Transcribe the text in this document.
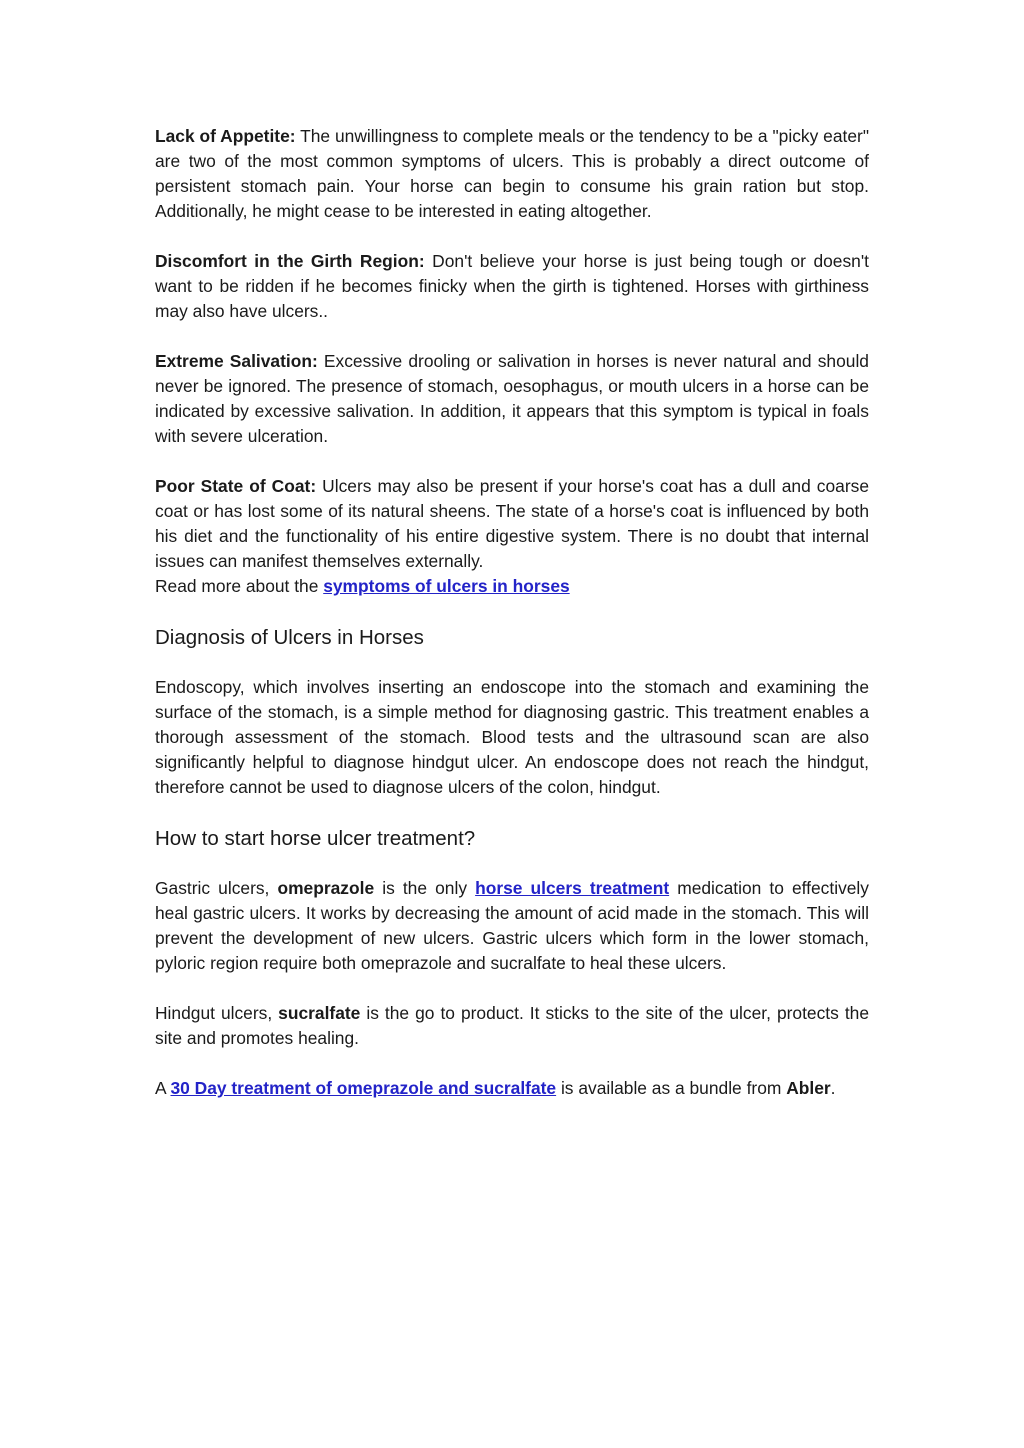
Lack of Appetite: The unwillingness to complete meals or the tendency to be a "picky eater" are two of the most common symptoms of ulcers. This is probably a direct outcome of persistent stomach pain. Your horse can begin to consume his grain ration but stop. Additionally, he might cease to be interested in eating altogether.

Discomfort in the Girth Region: Don't believe your horse is just being tough or doesn't want to be ridden if he becomes finicky when the girth is tightened. Horses with girthiness may also have ulcers..

Extreme Salivation: Excessive drooling or salivation in horses is never natural and should never be ignored. The presence of stomach, oesophagus, or mouth ulcers in a horse can be indicated by excessive salivation. In addition, it appears that this symptom is typical in foals with severe ulceration.

Poor State of Coat: Ulcers may also be present if your horse's coat has a dull and coarse coat or has lost some of its natural sheens. The state of a horse's coat is influenced by both his diet and the functionality of his entire digestive system. There is no doubt that internal issues can manifest themselves externally.

Read more about the symptoms of ulcers in horses

Diagnosis of Ulcers in Horses

Endoscopy, which involves inserting an endoscope into the stomach and examining the surface of the stomach, is a simple method for diagnosing gastric. This treatment enables a thorough assessment of the stomach. Blood tests and the ultrasound scan are also significantly helpful to diagnose hindgut ulcer. An endoscope does not reach the hindgut, therefore cannot be used to diagnose ulcers of the colon, hindgut.

How to start horse ulcer treatment?

Gastric ulcers, omeprazole is the only horse ulcers treatment medication to effectively heal gastric ulcers. It works by decreasing the amount of acid made in the stomach. This will prevent the development of new ulcers. Gastric ulcers which form in the lower stomach, pyloric region require both omeprazole and sucralfate to heal these ulcers.

Hindgut ulcers, sucralfate is the go to product. It sticks to the site of the ulcer, protects the site and promotes healing.

A 30 Day treatment of omeprazole and sucralfate is available as a bundle from Abler.
